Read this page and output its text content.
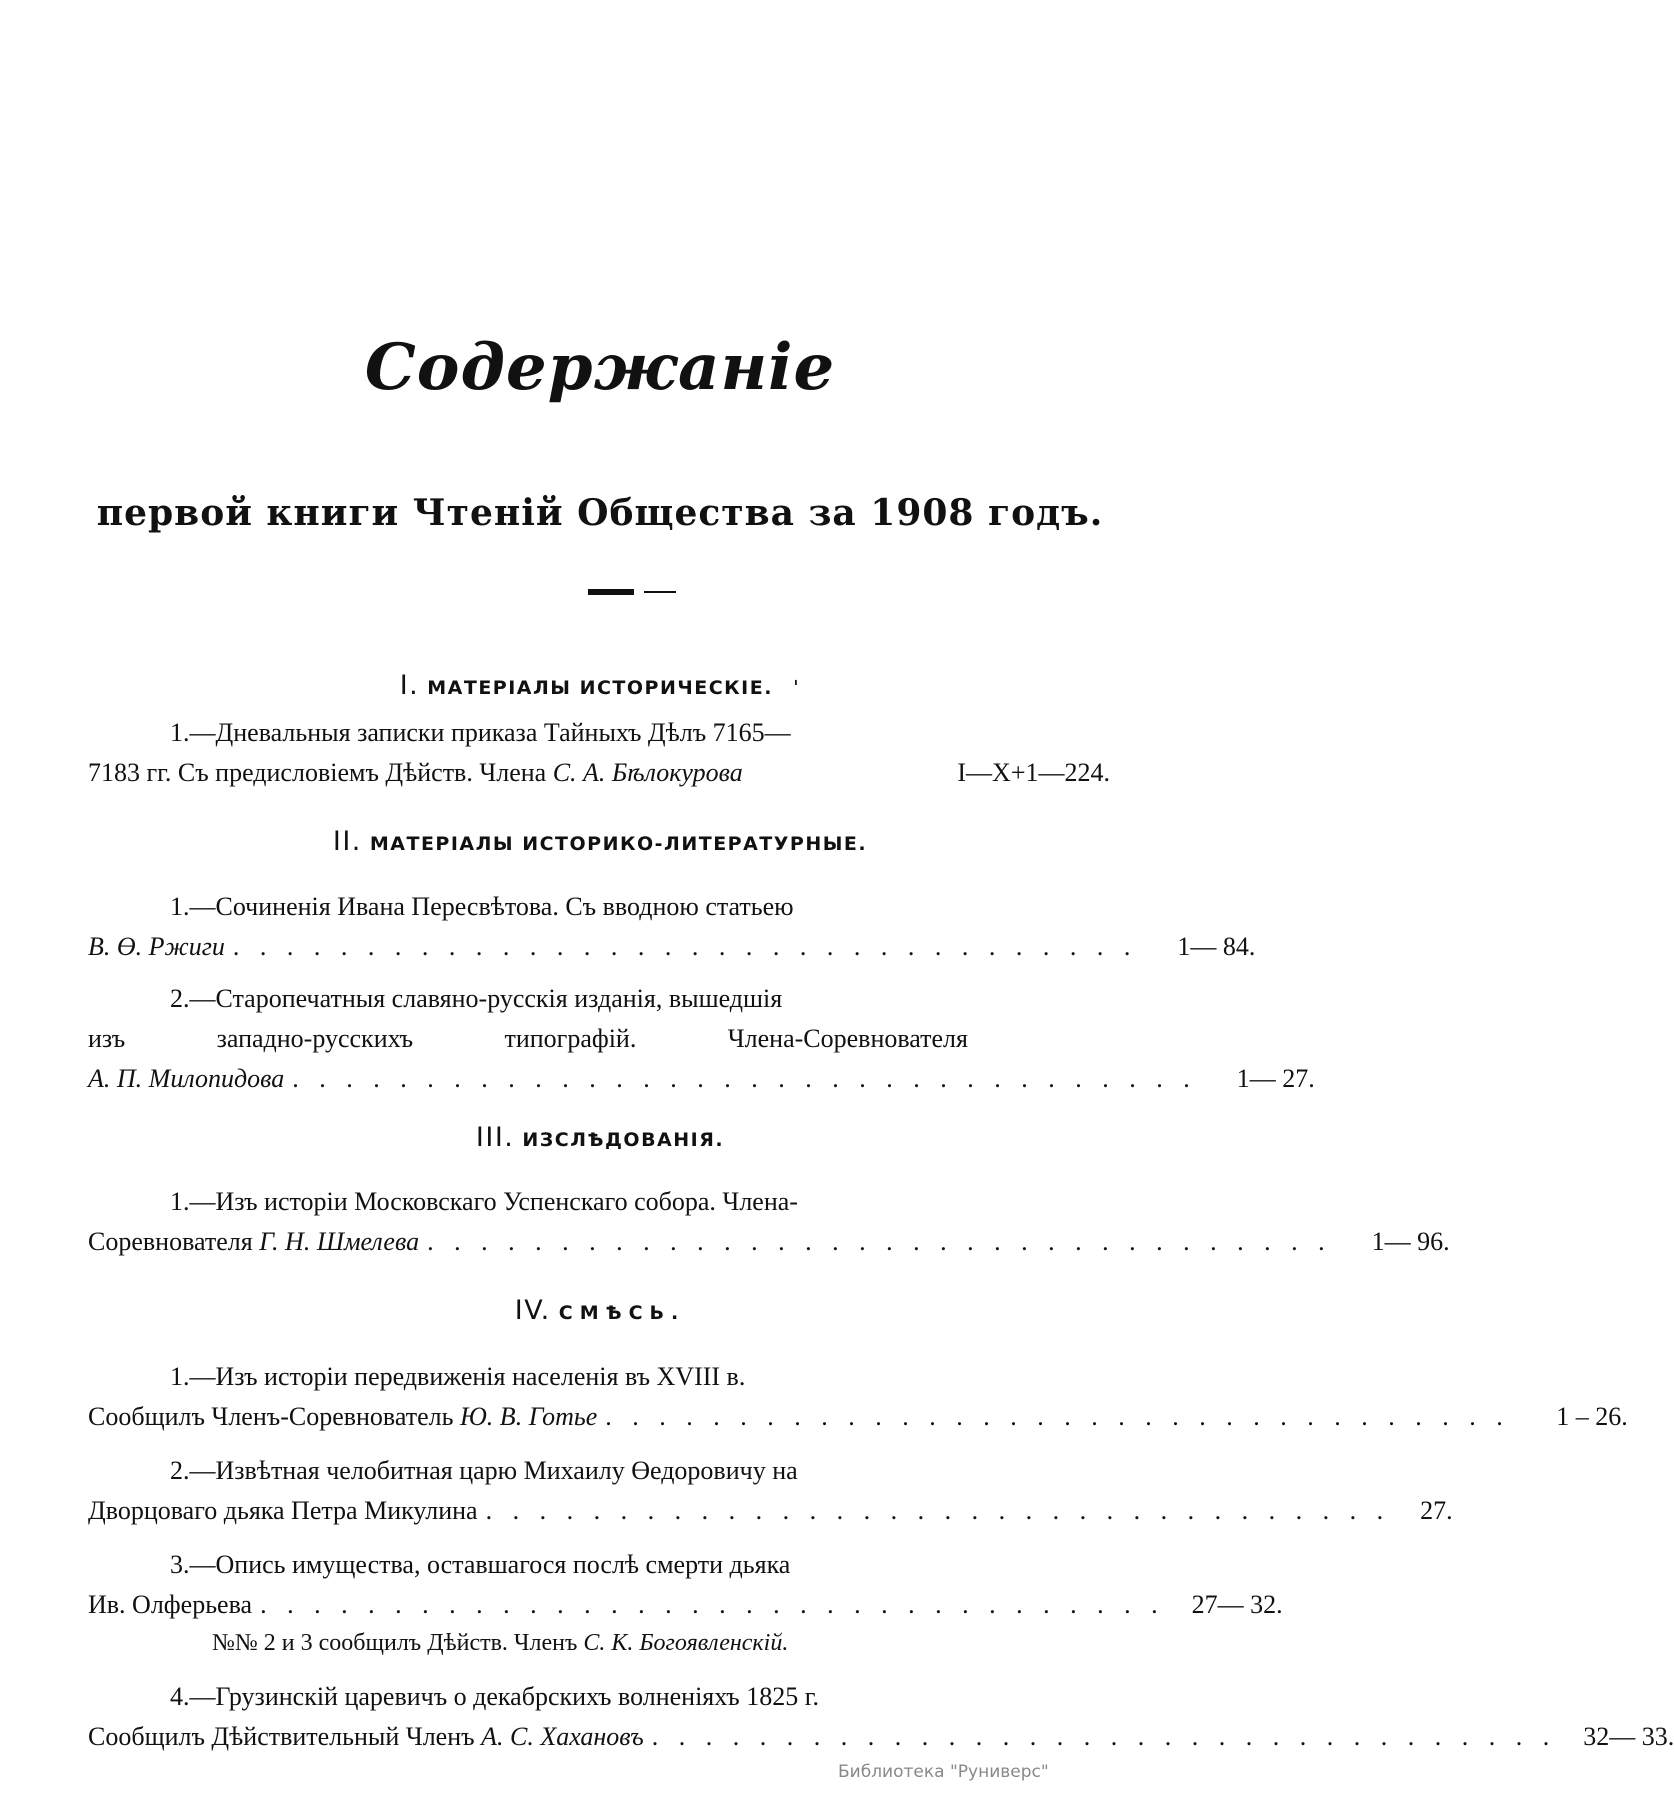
Содержаніе
первой книги Чтеній Общества за 1908 годъ.
I. МАТЕРІАЛЫ ИСТОРИЧЕСКІЕ. ˈ
1.—Дневальныя записки приказа Тайныхъ Дѣлъ 7165—
7183 гг. Съ предисловіемъ Дѣйств. Члена С. А. Бѣлокурова	I—X+1—224.
II. МАТЕРІАЛЫ ИСТОРИКО-ЛИТЕРАТУРНЫЕ.
1.—Сочиненія Ивана Пересвѣтова. Съ вводною статьею
В. Ө. Ржиги . . . . . . . . . . . . . . . . . . . . . . . . . . . . . . . . . .	1— 84.
2.—Старопечатныя славяно-русскія изданія, вышедшія
изъ западно-русскихъ типографій. Члена-Соревнователя
А. П. Милоnидова . . . . . . . . . . . . . . . . . . . . . . . . . . . . . . . . . .	1— 27.
III. ИЗСЛѢДОВАНІЯ.
1.—Изъ исторіи Московскаго Успенскаго собора. Члена-
Соревнователя Г. Н. Шмелева . . . . . . . . . . . . . . . . . . . . . . . . . . . . . . . . . .	1— 96.
IV. СМѢСЬ.
1.—Изъ исторіи передвиженія населенія въ XVIII в.
Сообщилъ Членъ-Соревнователь Ю. В. Готье . . . . . . . . . . . . . . . . . . . . . . . . . . . . . . . . . .	1 – 26.
2.—Извѣтная челобитная царю Михаилу Өедоровичу на
Дворцоваго дьяка Петра Микулина . . . . . . . . . . . . . . . . . . . . . . . . . . . . . . . . . .	27.
3.—Опись имущества, оставшагося послѣ смерти дьяка
Ив. Олферьева . . . . . . . . . . . . . . . . . . . . . . . . . . . . . . . . . .	27— 32.
№№ 2 и 3 сообщилъ Дѣйств. Членъ С. К. Богоявленскій.
4.—Грузинскій царевичъ о декабрскихъ волненіяхъ 1825 г.
Сообщилъ Дѣйствительный Членъ А. С. Хахановъ . . . . . . . . . . . . . . . . . . . . . . . . . . . . . . . . . .	32— 33.
Библиотека "Руниверс"
